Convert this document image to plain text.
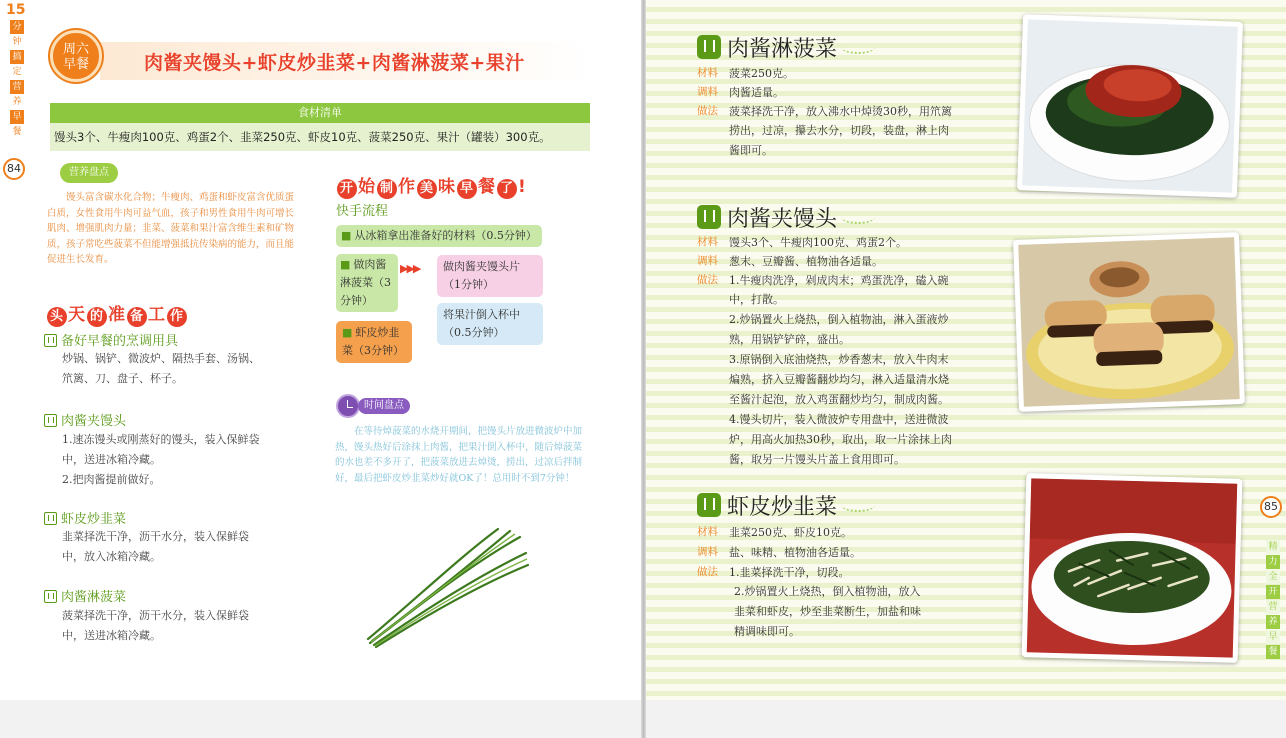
15
分
钟
搞
定
营
养
早
餐
84
周六
早餐	肉酱夹馒头+虾皮炒韭菜+肉酱淋菠菜+果汁
食材清单
馒头3个、牛瘦肉100克、鸡蛋2个、韭菜250克、虾皮10克、菠菜250克、果汁（罐装）300克。
营养盘点
馒头富含碳水化合物；牛瘦肉、鸡蛋和虾皮富含优质蛋白质，女性食用牛肉可益气血，孩子和男性食用牛肉可增长肌肉、增强肌肉力量；韭菜、菠菜和果汁富含维生素和矿物质，孩子常吃些菠菜不但能增强抵抗传染病的能力，而且能促进生长发育。
头 天 的 准 备 工 作
备好早餐的烹调用具
炒锅、锅铲、微波炉、隔热手套、汤锅、
笊篱、刀、盘子、杯子。
肉酱夹馒头
1.速冻馒头或刚蒸好的馒头，装入保鲜袋
中，送进冰箱冷藏。
2.把肉酱提前做好。
虾皮炒韭菜
韭菜择洗干净，沥干水分，装入保鲜袋
中，放入冰箱冷藏。
肉酱淋菠菜
菠菜择洗干净，沥干水分，装入保鲜袋
中，送进冰箱冷藏。
开 始 制 作 美 味 早 餐 了 !
快手流程
■ 从冰箱拿出准备好的材料（0.5分钟）
■ 做肉酱
淋菠菜（3
分钟）
▶▶▶ 做肉酱夹馒头片
（1分钟）
将果汁倒入杯中
（0.5分钟）
■ 虾皮炒韭
菜（3分钟）
时间盘点
在等待焯菠菜的水烧开期间，把馒头片放进微波炉中加热，馒头热好后涂抹上肉酱，把果汁倒入杯中，随后焯菠菜的水也差不多开了，把菠菜放进去焯烫，捞出，过凉后拌制好，最后把虾皮炒韭菜炒好就OK了！总用时不到7分钟！
85
精
力
全
开
营
养
早
餐
肉酱淋菠菜
材料	菠菜250克。
调料	肉酱适量。
做法	菠菜择洗干净，放入沸水中焯烫30秒，用笊篱
捞出，过凉，攥去水分，切段，装盘，淋上肉
酱即可。
肉酱夹馒头
材料	馒头3个、牛瘦肉100克、鸡蛋2个。
调料	葱末、豆瓣酱、植物油各适量。
做法	1.牛瘦肉洗净，剁成肉末；鸡蛋洗净，磕入碗
中，打散。
2.炒锅置火上烧热，倒入植物油，淋入蛋液炒
熟，用锅铲铲碎，盛出。
3.原锅倒入底油烧热，炒香葱末，放入牛肉末
煸熟，挤入豆瓣酱翻炒均匀，淋入适量清水烧
至酱汁起泡，放入鸡蛋翻炒均匀，制成肉酱。
4.馒头切片，装入微波炉专用盘中，送进微波
炉，用高火加热30秒，取出，取一片涂抹上肉
酱，取另一片馒头片盖上食用即可。
虾皮炒韭菜
材料	韭菜250克、虾皮10克。
调料	盐、味精、植物油各适量。
做法	1.韭菜择洗干净，切段。
2.炒锅置火上烧热，倒入植物油，放入
韭菜和虾皮，炒至韭菜断生，加盐和味
精调味即可。
